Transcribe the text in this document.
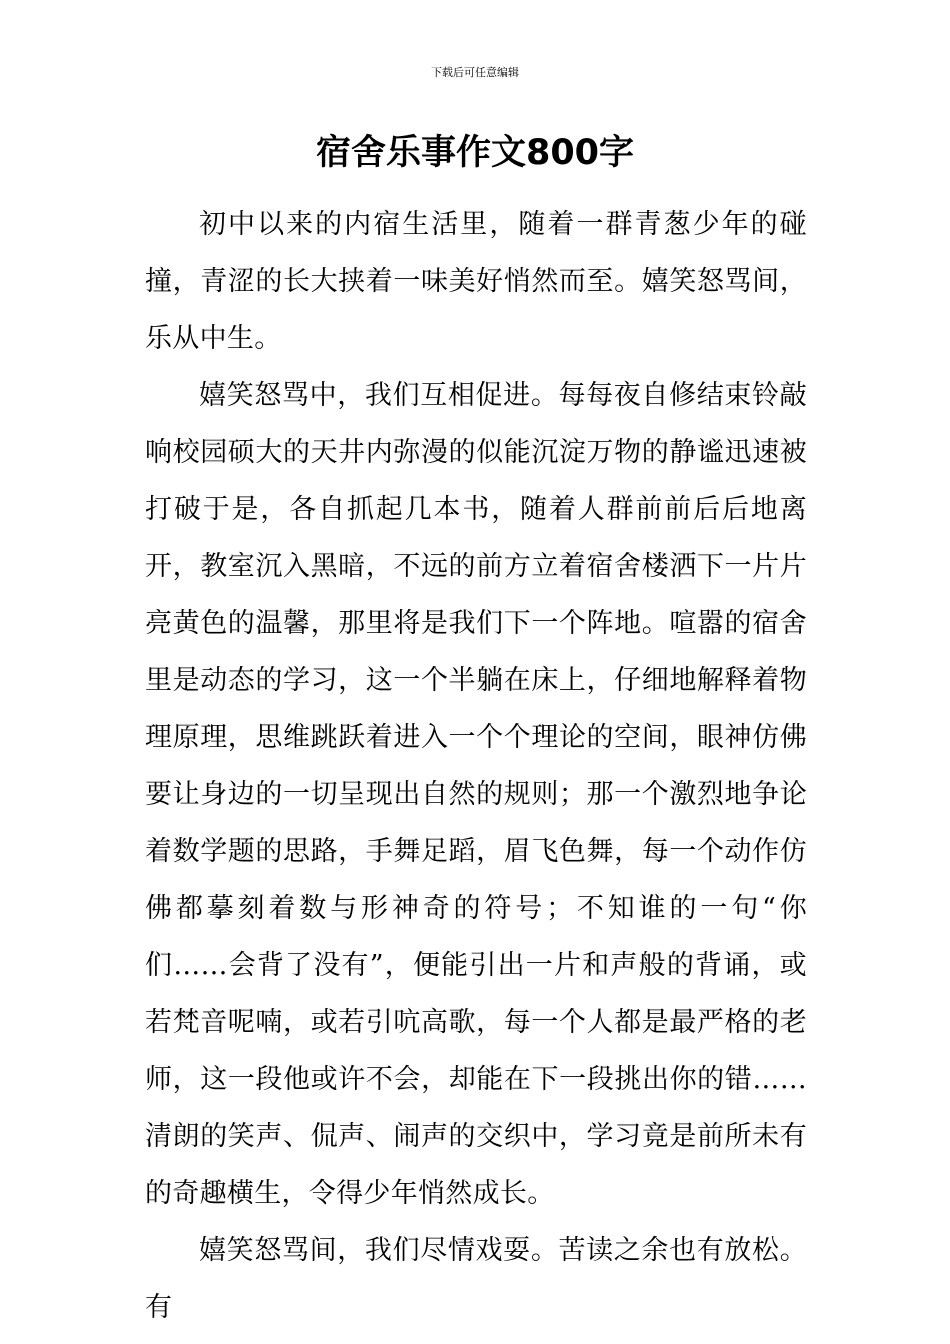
下载后可任意编辑
宿舍乐事作文800字

初中以来的内宿生活里，随着一群青葱少年的碰撞，青涩的长大挟着一味美好悄然而至。嬉笑怒骂间，乐从中生。

嬉笑怒骂中，我们互相促进。每每夜自修结束铃敲响校园硕大的天井内弥漫的似能沉淀万物的静谧迅速被打破于是，各自抓起几本书，随着人群前前后后地离开，教室沉入黑暗，不远的前方立着宿舍楼洒下一片片亮黄色的温馨，那里将是我们下一个阵地。喧嚣的宿舍里是动态的学习，这一个半躺在床上，仔细地解释着物理原理，思维跳跃着进入一个个理论的空间，眼神仿佛要让身边的一切呈现出自然的规则；那一个激烈地争论着数学题的思路，手舞足蹈，眉飞色舞，每一个动作仿佛都摹刻着数与形神奇的符号；不知谁的一句“你们……会背了没有”，便能引出一片和声般的背诵，或若梵音呢喃，或若引吭高歌，每一个人都是最严格的老师，这一段他或许不会，却能在下一段挑出你的错……清朗的笑声、侃声、闹声的交织中，学习竟是前所未有的奇趣横生，令得少年悄然成长。

嬉笑怒骂间，我们尽情戏耍。苦读之余也有放松。有
